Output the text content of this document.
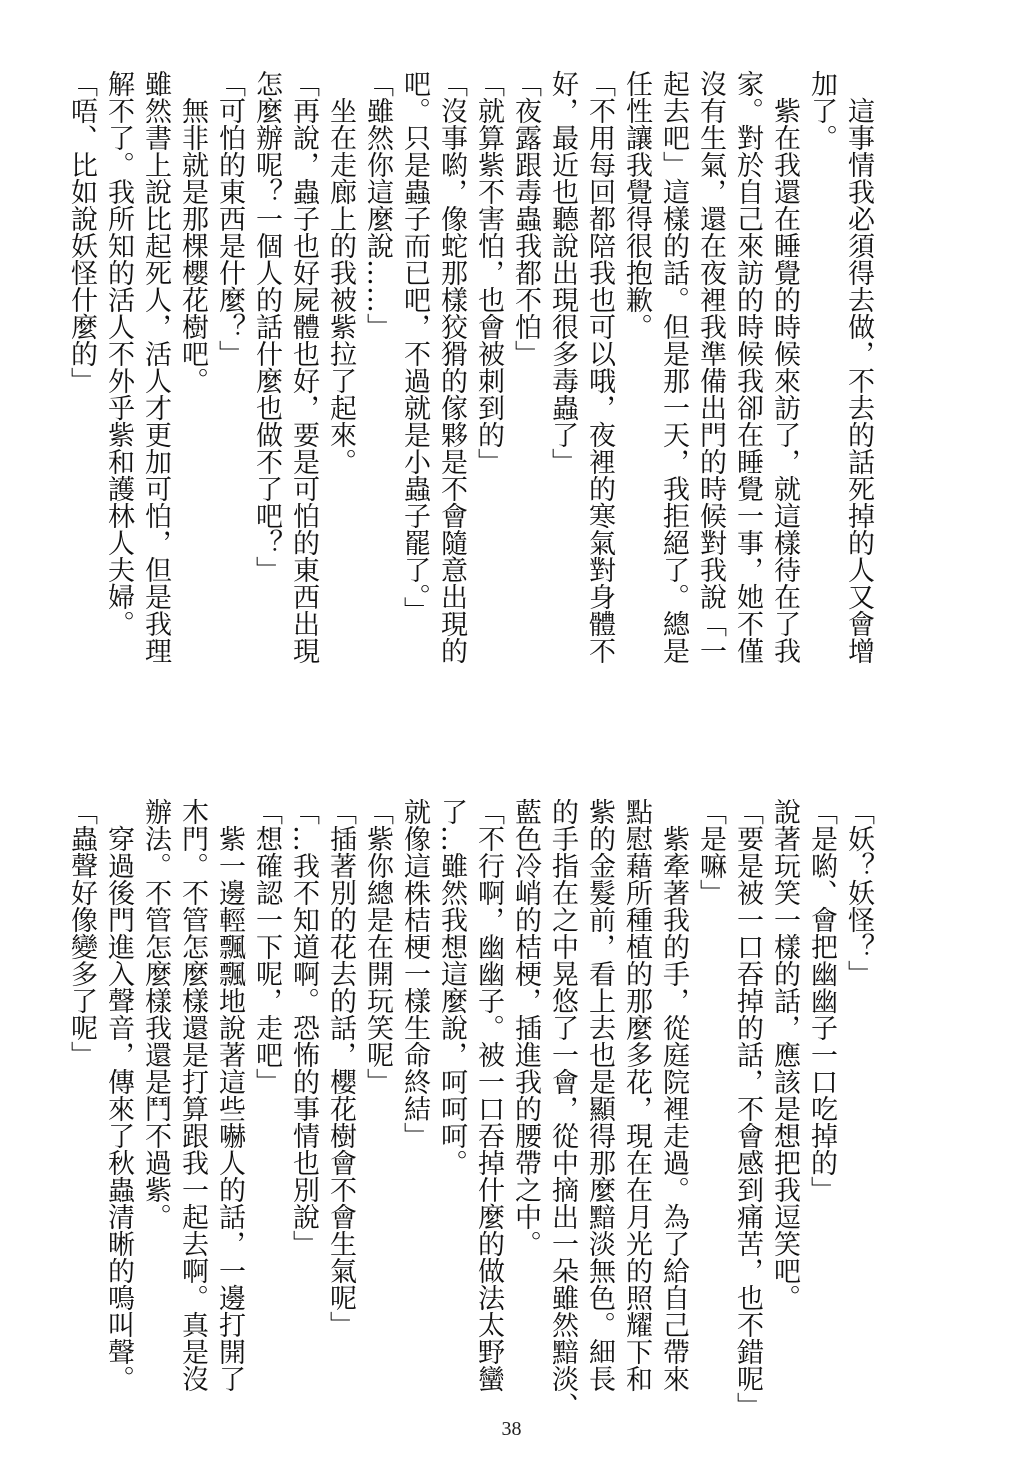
　這事情我必須得去做，不去的話死掉的人又會增
加了。
　紫在我還在睡覺的時候來訪了，就這樣待在了我
家。對於自己來訪的時候我卻在睡覺一事，她不僅
沒有生氣，還在夜裡我準備出門的時候對我說「一
起去吧」這樣的話。但是那一天，我拒絕了。總是
任性讓我覺得很抱歉。
「不用每回都陪我也可以哦，夜裡的寒氣對身體不
好，最近也聽說出現很多毒蟲了」
「夜露跟毒蟲我都不怕」
「就算紫不害怕，也會被刺到的」
「沒事喲，像蛇那樣狡猾的傢夥是不會隨意出現的
吧。只是蟲子而已吧，不過就是小蟲子罷了。」
「雖然你這麼說……」
　坐在走廊上的我被紫拉了起來。
「再說，蟲子也好屍體也好，要是可怕的東西出現
怎麼辦呢？一個人的話什麼也做不了吧？」
「可怕的東西是什麼？」
　無非就是那棵櫻花樹吧。
雖然書上說比起死人，活人才更加可怕，但是我理
解不了。我所知的活人不外乎紫和護林人夫婦。
「唔、比如說妖怪什麼的」
「妖？妖怪？」
「是喲、會把幽幽子一口吃掉的」
說著玩笑一樣的話，應該是想把我逗笑吧。
「要是被一口吞掉的話，不會感到痛苦，也不錯呢」
「是嘛」
　紫牽著我的手，從庭院裡走過。為了給自己帶來
點慰藉所種植的那麼多花，現在在月光的照耀下和
紫的金髮前，看上去也是顯得那麼黯淡無色。細長
的手指在之中晃悠了一會，從中摘出一朵雖然黯淡、
藍色冷峭的桔梗，插進我的腰帶之中。
「不行啊，幽幽子。被一口吞掉什麼的做法太野蠻
了…雖然我想這麼說，呵呵呵。
就像這株桔梗一樣生命終結」
「紫你總是在開玩笑呢」
「插著別的花去的話，櫻花樹會不會生氣呢」
「…我不知道啊。恐怖的事情也別說」
「想確認一下呢，走吧」
　紫一邊輕飄飄地說著這些嚇人的話，一邊打開了
木門。不管怎麼樣還是打算跟我一起去啊。真是沒
辦法。不管怎麼樣我還是鬥不過紫。
　穿過後門進入聲音，傳來了秋蟲清晰的鳴叫聲。
「蟲聲好像變多了呢」
38
